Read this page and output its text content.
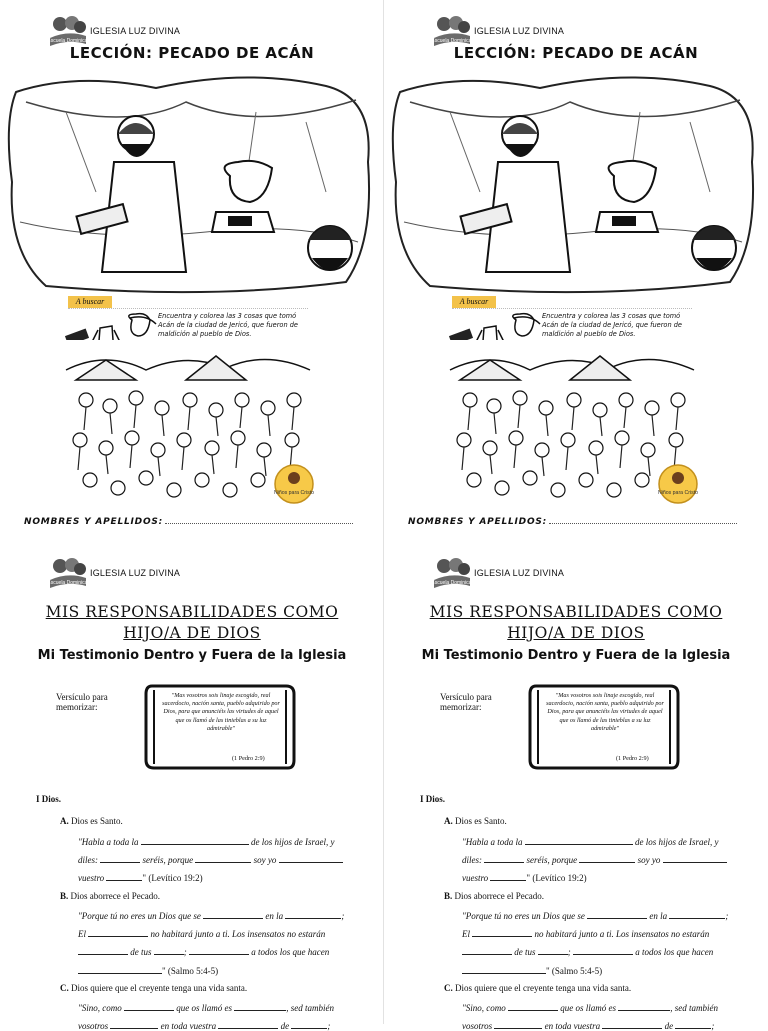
Escuela Dominical
IGLESIA LUZ DIVINA
LECCIÓN: PECADO DE ACÁN
A buscar
Encuentra y colorea las 3 cosas que tomó Acán de la ciudad de Jericó, que fueron de maldición al pueblo de Dios.
Niños para Cristo
NOMBRES Y APELLIDOS:
Escuela Dominical
IGLESIA LUZ DIVINA
LECCIÓN: PECADO DE ACÁN
A buscar
Encuentra y colorea las 3 cosas que tomó Acán de la ciudad de Jericó, que fueron de maldición al pueblo de Dios.
Niños para Cristo
NOMBRES Y APELLIDOS:
Escuela Dominical
IGLESIA LUZ DIVINA
MIS RESPONSABILIDADES COMO
HIJO/A DE DIOS
Mi Testimonio Dentro y Fuera de la Iglesia
Versículo para memorizar:
"Mas vosotros sois linaje escogido, real sacerdocio, nación santa, pueblo adquirido por Dios, para que anunciéis las virtudes de aquel que os llamó de las tinieblas a su luz admirable"
(1 Pedro 2:9)
I Dios.
A. Dios es Santo.
"Habla a toda la	de los hijos de Israel, y
diles:	seréis, porque	soy yo
vuestro	" (Levítico 19:2)
B. Dios aborrece el Pecado.
"Porque tú no eres un Dios que se	en la	;
El	no habitará junto a ti. Los insensatos no estarán
de tus	;	a todos los que hacen
" (Salmo 5:4-5)
C. Dios quiere que el creyente tenga una vida santa.
"Sino, como	que os llamó es	, sed también
vosotros	en toda vuestra	de	;
Escuela Dominical
IGLESIA LUZ DIVINA
MIS RESPONSABILIDADES COMO
HIJO/A DE DIOS
Mi Testimonio Dentro y Fuera de la Iglesia
Versículo para memorizar:
"Mas vosotros sois linaje escogido, real sacerdocio, nación santa, pueblo adquirido por Dios, para que anunciéis las virtudes de aquel que os llamó de las tinieblas a su luz admirable"
(1 Pedro 2:9)
I Dios.
A. Dios es Santo.
"Habla a toda la	de los hijos de Israel, y
diles:	seréis, porque	soy yo
vuestro	" (Levítico 19:2)
B. Dios aborrece el Pecado.
"Porque tú no eres un Dios que se	en la	;
El	no habitará junto a ti. Los insensatos no estarán
de tus	;	a todos los que hacen
" (Salmo 5:4-5)
C. Dios quiere que el creyente tenga una vida santa.
"Sino, como	que os llamó es	, sed también
vosotros	en toda vuestra	de	;
